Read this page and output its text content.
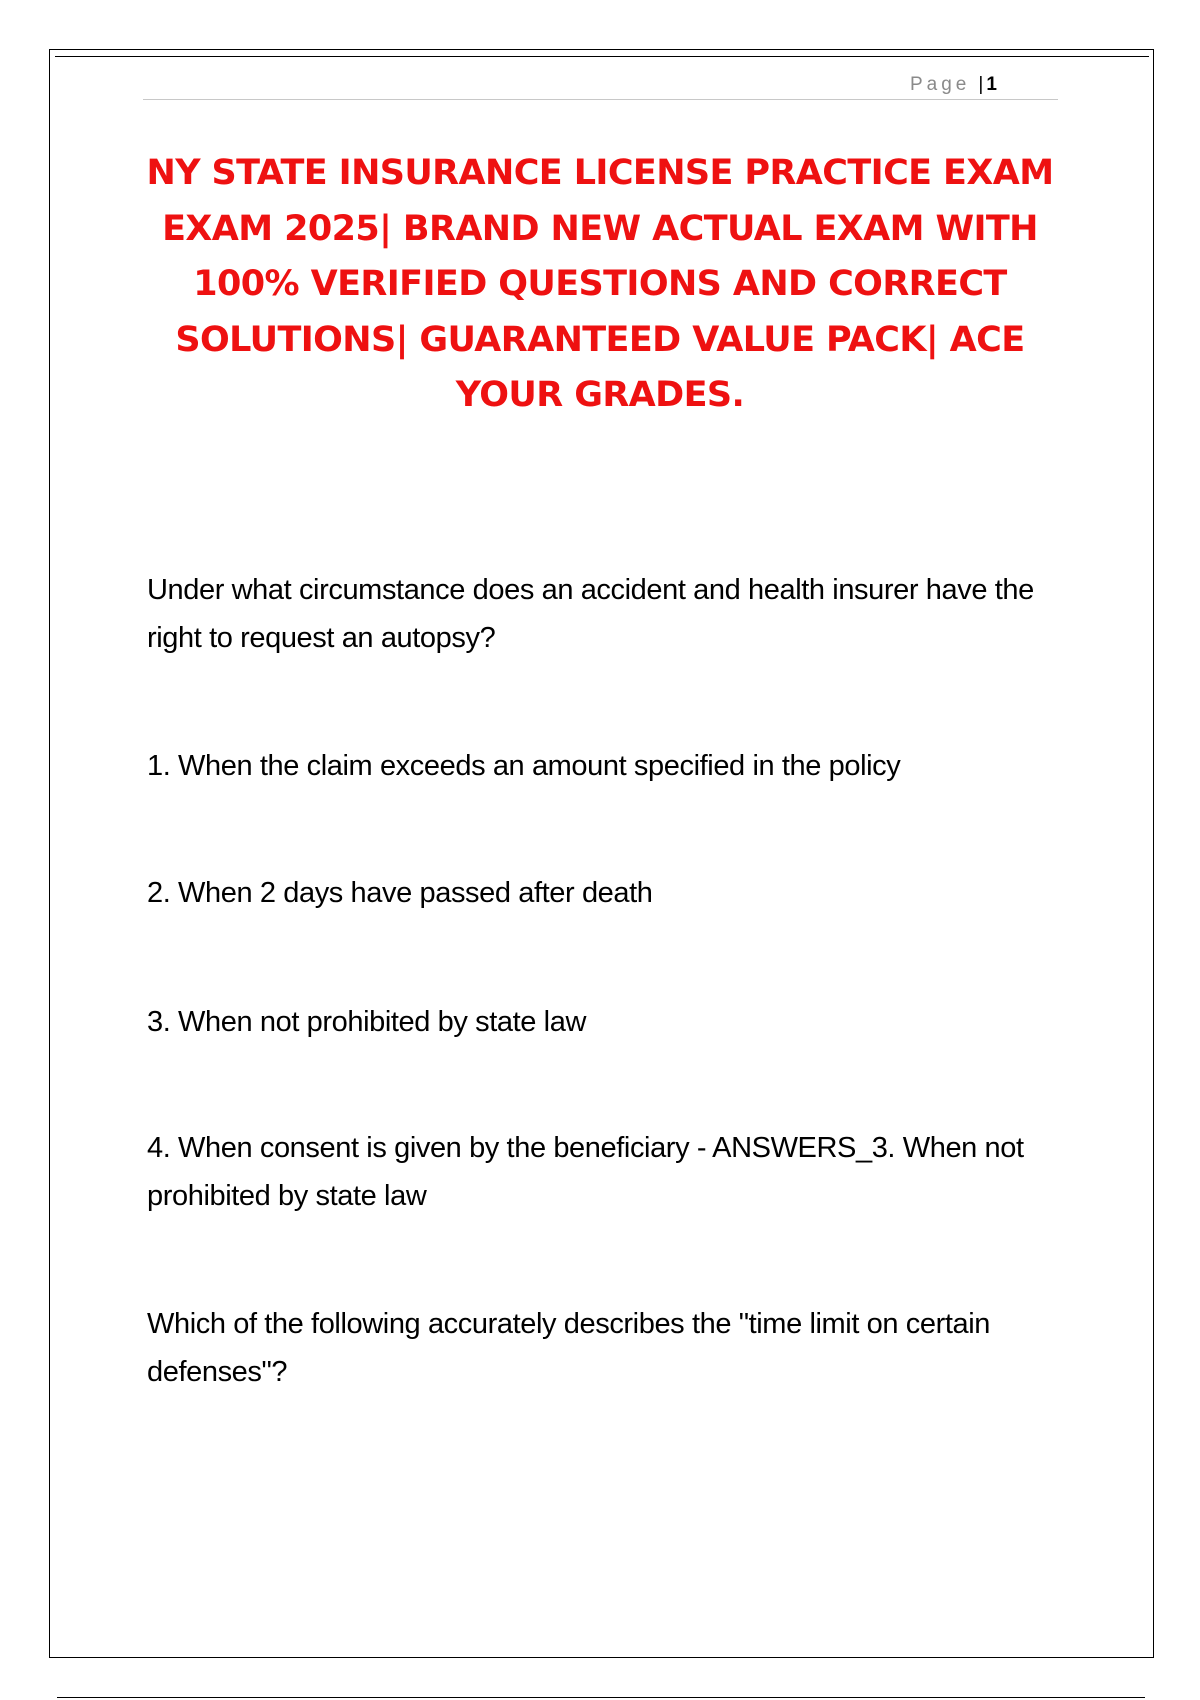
Page | 1
NY STATE INSURANCE LICENSE PRACTICE EXAM EXAM 2025| BRAND NEW ACTUAL EXAM WITH 100% VERIFIED QUESTIONS AND CORRECT SOLUTIONS| GUARANTEED VALUE PACK| ACE YOUR GRADES.

Under what circumstance does an accident and health insurer have the right to request an autopsy?

1. When the claim exceeds an amount specified in the policy

2. When 2 days have passed after death

3. When not prohibited by state law

4. When consent is given by the beneficiary - ANSWERS_3. When not prohibited by state law

Which of the following accurately describes the "time limit on certain defenses"?
